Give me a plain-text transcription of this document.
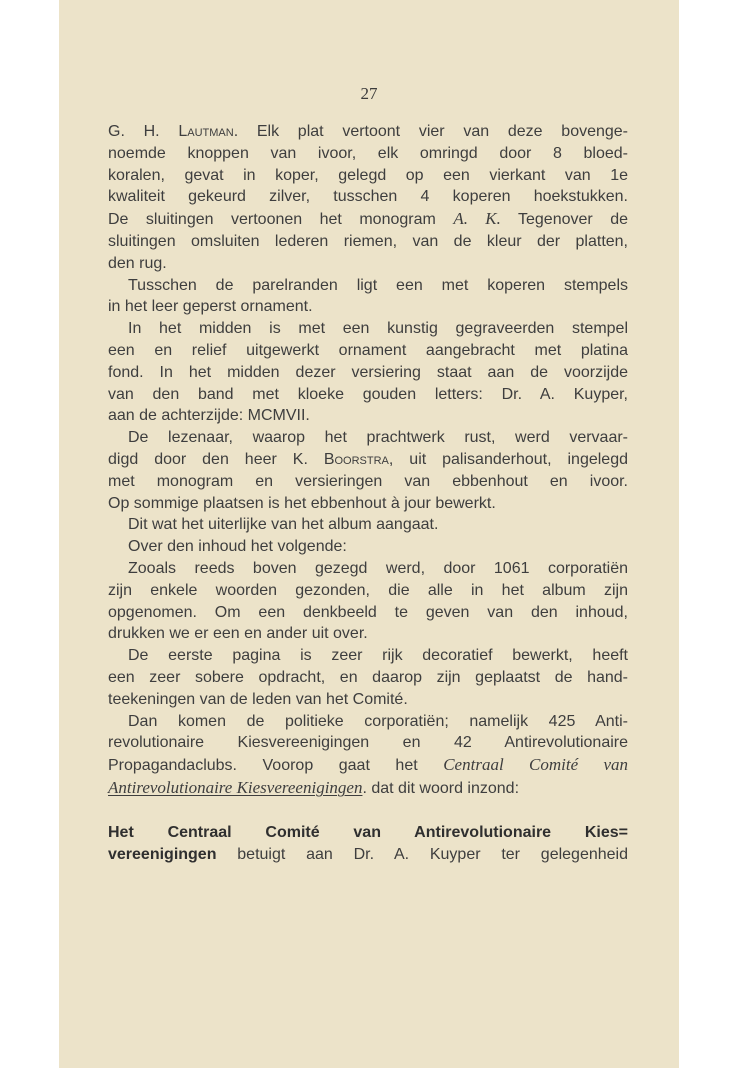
27
G. H. Lautman. Elk plat vertoont vier van deze bovenge-
noemde knoppen van ivoor, elk omringd door 8 bloed-
koralen, gevat in koper, gelegd op een vierkant van 1e
kwaliteit gekeurd zilver, tusschen 4 koperen hoekstukken.
De sluitingen vertoonen het monogram A. K. Tegenover de
sluitingen omsluiten lederen riemen, van de kleur der platten,
den rug.
Tusschen de parelranden ligt een met koperen stempels
in het leer geperst ornament.
In het midden is met een kunstig gegraveerden stempel
een en relief uitgewerkt ornament aangebracht met platina
fond. In het midden dezer versiering staat aan de voorzijde
van den band met kloeke gouden letters: Dr. A. Kuyper,
aan de achterzijde: MCMVII.
De lezenaar, waarop het prachtwerk rust, werd vervaar-
digd door den heer K. Boorstra, uit palisanderhout, ingelegd
met monogram en versieringen van ebbenhout en ivoor.
Op sommige plaatsen is het ebbenhout à jour bewerkt.
Dit wat het uiterlijke van het album aangaat.
Over den inhoud het volgende:
Zooals reeds boven gezegd werd, door 1061 corporatiën
zijn enkele woorden gezonden, die alle in het album zijn
opgenomen. Om een denkbeeld te geven van den inhoud,
drukken we er een en ander uit over.
De eerste pagina is zeer rijk decoratief bewerkt, heeft
een zeer sobere opdracht, en daarop zijn geplaatst de hand-
teekeningen van de leden van het Comité.
Dan komen de politieke corporatiën; namelijk 425 Anti-
revolutionaire Kiesvereenigingen en 42 Antirevolutionaire
Propagandaclubs. Voorop gaat het Centraal Comité van
Antirevolutionaire Kiesvereenigingen. dat dit woord inzond:
Het Centraal Comité van Antirevolutionaire Kies=
vereenigingen betuigt aan Dr. A. Kuyper ter gelegenheid
